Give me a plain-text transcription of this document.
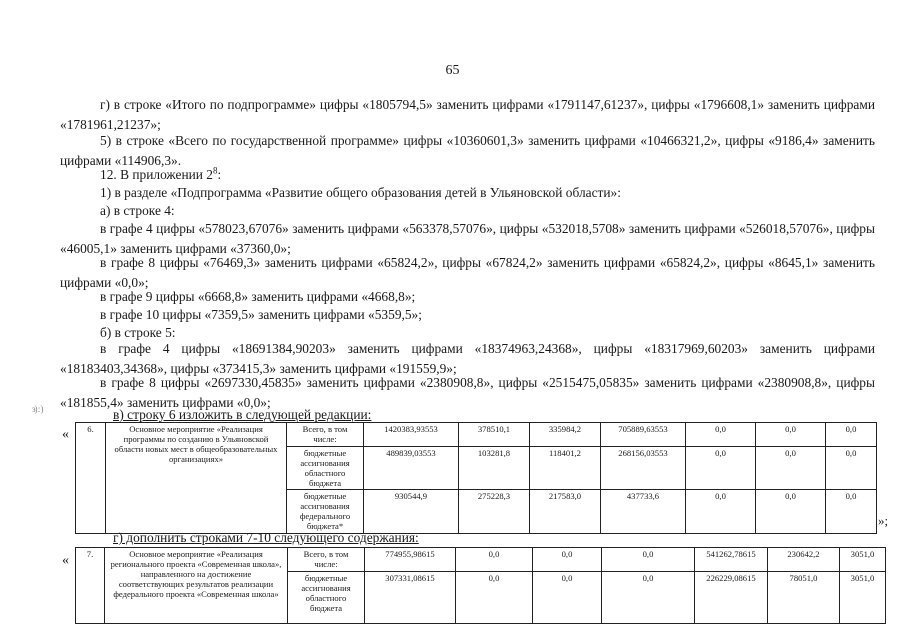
65
г) в строке «Итого по подпрограмме» цифры «1805794,5» заменить цифрами «1791147,61237», цифры «1796608,1» заменить цифрами «1781961,21237»;
5) в строке «Всего по государственной программе» цифры «10360601,3» заменить цифрами «10466321,2», цифры «9186,4» заменить цифрами «114906,3».
12. В приложении $2^8$:
1) в разделе «Подпрограмма «Развитие общего образования детей в Ульяновской области»:
а) в строке 4:
в графе 4 цифры «578023,67076» заменить цифрами «563378,57076», цифры «532018,5708» заменить цифрами «526018,57076», цифры «46005,1» заменить цифрами «37360,0»;
в графе 8 цифры «76469,3» заменить цифрами «65824,2», цифры «67824,2» заменить цифрами «65824,2», цифры «8645,1» заменить цифрами «0,0»;
в графе 9 цифры «6668,8» заменить цифрами «4668,8»;
в графе 10 цифры «7359,5» заменить цифрами «5359,5»;
б) в строке 5:
в графе 4 цифры «18691384,90203» заменить цифрами «18374963,24368», цифры «18317969,60203» заменить цифрами «18183403,34368», цифры «373415,3» заменить цифрами «191559,9»;
в графе 8 цифры «2697330,45835» заменить цифрами «2380908,8», цифры «2515475,05835» заменить цифрами «2380908,8», цифры «181855,4» заменить цифрами «0,0»;
в) строку 6 изложить в следующей редакции:
з) : )
« 6.	Основное мероприятие «Реализация программы по созданию в Ульяновской области новых мест в общеобразовательных организациях»	Всего, в том числе:	1420383,93553	378510,1	335984,2	705889,63553	0,0	0,0	0,0
		бюджетные ассигнования областного бюджета	489839,03553	103281,8	118401,2	268156,03553	0,0	0,0	0,0
		бюджетные ассигнования федерального бюджета*	930544,9	275228,3	217583,0	437733,6	0,0	0,0	0,0
»;
г) дополнить строками 7-10 следующего содержания:
« 7.	Основное мероприятие «Реализация регионального проекта «Современная школа», направленного на достижение соответствующих результатов реализации федерального проекта «Современная школа»	Всего, в том числе:	774955,98615	0,0	0,0	0,0	541262,78615	230642,2	3051,0
		бюджетные ассигнования областного бюджета	307331,08615	0,0	0,0	0,0	226229,08615	78051,0	3051,0
